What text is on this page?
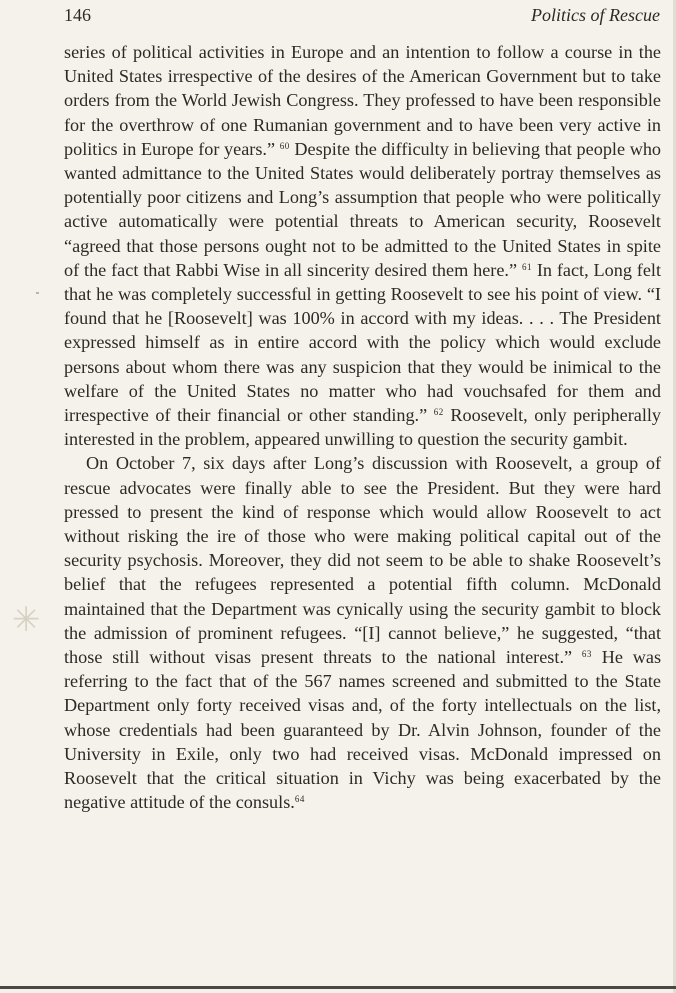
146	Politics of Rescue

series of political activities in Europe and an intention to follow a course in the United States irrespective of the desires of the American Government but to take orders from the World Jewish Congress. They professed to have been responsible for the overthrow of one Rumanian government and to have been very active in politics in Europe for years.” $^{60}$ Despite the difficulty in believing that people who wanted admittance to the United States would deliberately portray themselves as potentially poor citizens and Long’s assumption that people who were politically active automatically were potential threats to American security, Roosevelt “agreed that those persons ought not to be admitted to the United States in spite of the fact that Rabbi Wise in all sincerity desired them here.” $^{61}$ In fact, Long felt that he was completely successful in getting Roosevelt to see his point of view. “I found that he [Roosevelt] was 100% in accord with my ideas. . . . The President expressed himself as in entire accord with the policy which would exclude persons about whom there was any suspicion that they would be inimical to the welfare of the United States no matter who had vouchsafed for them and irrespective of their financial or other standing.” $^{62}$ Roosevelt, only peripherally interested in the problem, appeared unwilling to question the security gambit.

On October 7, six days after Long’s discussion with Roosevelt, a group of rescue advocates were finally able to see the President. But they were hard pressed to present the kind of response which would allow Roosevelt to act without risking the ire of those who were making political capital out of the security psychosis. Moreover, they did not seem to be able to shake Roosevelt’s belief that the refugees represented a potential fifth column. McDonald maintained that the Department was cynically using the security gambit to block the admission of prominent refugees. “[I] cannot believe,” he suggested, “that those still without visas present threats to the national interest.” $^{63}$ He was referring to the fact that of the 567 names screened and submitted to the State Department only forty received visas and, of the forty intellectuals on the list, whose credentials had been guaranteed by Dr. Alvin Johnson, founder of the University in Exile, only two had received visas. McDonald impressed on Roosevelt that the critical situation in Vichy was being exacerbated by the negative attitude of the consuls.$^{64}$

✳
